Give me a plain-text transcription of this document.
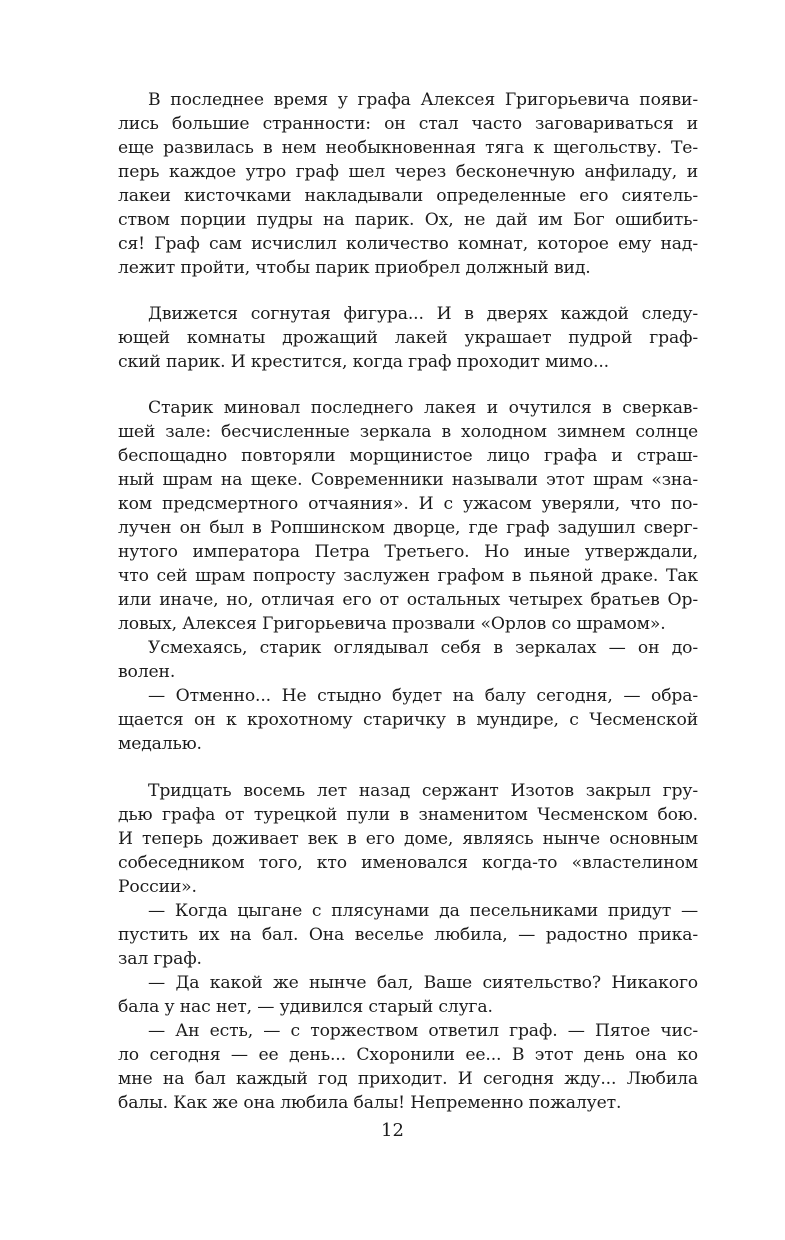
В последнее время у графа Алексея Григорьевича появи-
лись большие странности: он стал часто заговариваться и
еще развилась в нем необыкновенная тяга к щегольству. Те-
перь каждое утро граф шел через бесконечную анфиладу, и
лакеи кисточками накладывали определенные его сиятель-
ством порции пудры на парик. Ох, не дай им Бог ошибить-
ся! Граф сам исчислил количество комнат, которое ему над-
лежит пройти, чтобы парик приобрел должный вид.
Движется согнутая фигура... И в дверях каждой следу-
ющей комнаты дрожащий лакей украшает пудрой граф-
ский парик. И крестится, когда граф проходит мимо...
Старик миновал последнего лакея и очутился в сверкав-
шей зале: бесчисленные зеркала в холодном зимнем солнце
беспощадно повторяли морщинистое лицо графа и страш-
ный шрам на щеке. Современники называли этот шрам «зна-
ком предсмертного отчаяния». И с ужасом уверяли, что по-
лучен он был в Ропшинском дворце, где граф задушил сверг-
нутого императора Петра Третьего. Но иные утверждали,
что сей шрам попросту заслужен графом в пьяной драке. Так
или иначе, но, отличая его от остальных четырех братьев Ор-
ловых, Алексея Григорьевича прозвали «Орлов со шрамом».
Усмехаясь, старик оглядывал себя в зеркалах — он до-
волен.
— Отменно... Не стыдно будет на балу сегодня, — обра-
щается он к крохотному старичку в мундире, с Чесменской
медалью.
Тридцать восемь лет назад сержант Изотов закрыл гру-
дью графа от турецкой пули в знаменитом Чесменском бою.
И теперь доживает век в его доме, являясь нынче основным
собеседником того, кто именовался когда-то «властелином
России».
— Когда цыгане с плясунами да песельниками придут —
пустить их на бал. Она веселье любила, — радостно прика-
зал граф.
— Да какой же нынче бал, Ваше сиятельство? Никакого
бала у нас нет, — удивился старый слуга.
— Ан есть, — с торжеством ответил граф. — Пятое чис-
ло сегодня — ее день... Схоронили ее... В этот день она ко
мне на бал каждый год приходит. И сегодня жду... Любила
балы. Как же она любила балы! Непременно пожалует.
12
